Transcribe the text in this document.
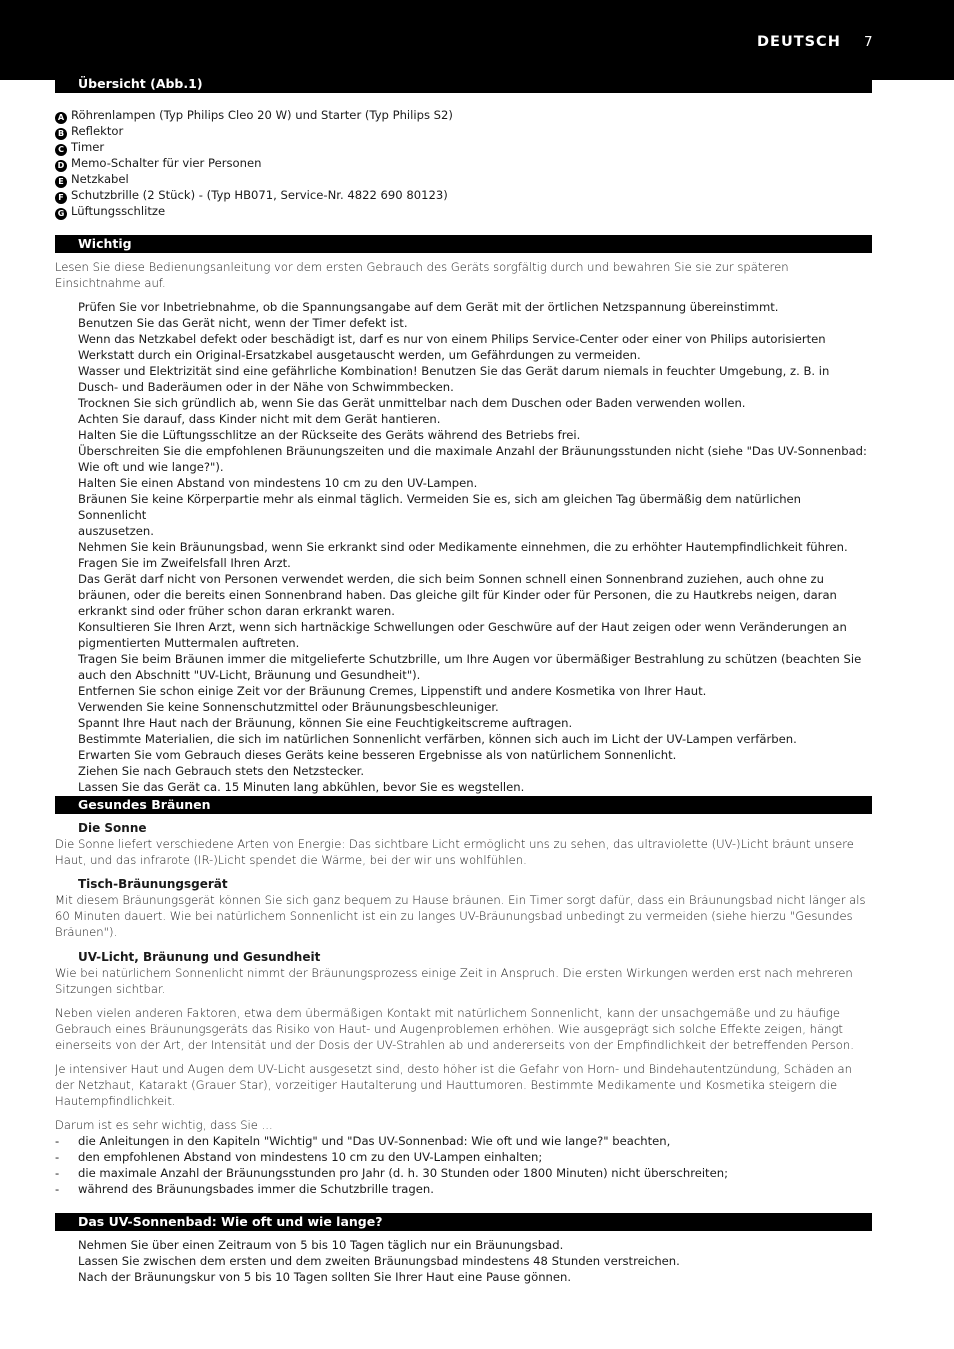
DEUTSCH 7
Übersicht (Abb.1)
A Röhrenlampen (Typ Philips Cleo 20 W) und Starter (Typ Philips S2)
B Reflektor
C Timer
D Memo-Schalter für vier Personen
E Netzkabel
F Schutzbrille (2 Stück) - (Typ HB071, Service-Nr. 4822 690 80123)
G Lüftungsschlitze
Wichtig
Lesen Sie diese Bedienungsanleitung vor dem ersten Gebrauch des Geräts sorgfältig durch und bewahren Sie sie zur späteren Einsichtnahme auf.
Prüfen Sie vor Inbetriebnahme, ob die Spannungsangabe auf dem Gerät mit der örtlichen Netzspannung übereinstimmt.
Benutzen Sie das Gerät nicht, wenn der Timer defekt ist.
Wenn das Netzkabel defekt oder beschädigt ist, darf es nur von einem Philips Service-Center oder einer von Philips autorisierten
Werkstatt durch ein Original-Ersatzkabel ausgetauscht werden, um Gefährdungen zu vermeiden.
Wasser und Elektrizität sind eine gefährliche Kombination! Benutzen Sie das Gerät darum niemals in feuchter Umgebung, z. B. in
Dusch- und Baderäumen oder in der Nähe von Schwimmbecken.
Trocknen Sie sich gründlich ab, wenn Sie das Gerät unmittelbar nach dem Duschen oder Baden verwenden wollen.
Achten Sie darauf, dass Kinder nicht mit dem Gerät hantieren.
Halten Sie die Lüftungsschlitze an der Rückseite des Geräts während des Betriebs frei.
Überschreiten Sie die empfohlenen Bräunungszeiten und die maximale Anzahl der Bräunungsstunden nicht (siehe "Das UV-Sonnenbad:
Wie oft und wie lange?").
Halten Sie einen Abstand von mindestens 10 cm zu den UV-Lampen.
Bräunen Sie keine Körperpartie mehr als einmal täglich. Vermeiden Sie es, sich am gleichen Tag übermäßig dem natürlichen Sonnenlicht
auszusetzen.
Nehmen Sie kein Bräunungsbad, wenn Sie erkrankt sind oder Medikamente einnehmen, die zu erhöhter Hautempfindlichkeit führen.
Fragen Sie im Zweifelsfall Ihren Arzt.
Das Gerät darf nicht von Personen verwendet werden, die sich beim Sonnen schnell einen Sonnenbrand zuziehen, auch ohne zu
bräunen, oder die bereits einen Sonnenbrand haben. Das gleiche gilt für Kinder oder für Personen, die zu Hautkrebs neigen, daran
erkrankt sind oder früher schon daran erkrankt waren.
Konsultieren Sie Ihren Arzt, wenn sich hartnäckige Schwellungen oder Geschwüre auf der Haut zeigen oder wenn Veränderungen an
pigmentierten Muttermalen auftreten.
Tragen Sie beim Bräunen immer die mitgelieferte Schutzbrille, um Ihre Augen vor übermäßiger Bestrahlung zu schützen (beachten Sie
auch den Abschnitt "UV-Licht, Bräunung und Gesundheit").
Entfernen Sie schon einige Zeit vor der Bräunung Cremes, Lippenstift und andere Kosmetika von Ihrer Haut.
Verwenden Sie keine Sonnenschutzmittel oder Bräunungsbeschleuniger.
Spannt Ihre Haut nach der Bräunung, können Sie eine Feuchtigkeitscreme auftragen.
Bestimmte Materialien, die sich im natürlichen Sonnenlicht verfärben, können sich auch im Licht der UV-Lampen verfärben.
Erwarten Sie vom Gebrauch dieses Geräts keine besseren Ergebnisse als von natürlichem Sonnenlicht.
Ziehen Sie nach Gebrauch stets den Netzstecker.
Lassen Sie das Gerät ca. 15 Minuten lang abkühlen, bevor Sie es wegstellen.
Gesundes Bräunen
Die Sonne
Die Sonne liefert verschiedene Arten von Energie: Das sichtbare Licht ermöglicht uns zu sehen, das ultraviolette (UV-)Licht bräunt unsere Haut, und das infrarote (IR-)Licht spendet die Wärme, bei der wir uns wohlfühlen.
Tisch-Bräunungsgerät
Mit diesem Bräunungsgerät können Sie sich ganz bequem zu Hause bräunen. Ein Timer sorgt dafür, dass ein Bräunungsbad nicht länger als 60 Minuten dauert. Wie bei natürlichem Sonnenlicht ist ein zu langes UV-Bräunungsbad unbedingt zu vermeiden (siehe hierzu "Gesundes Bräunen").
UV-Licht, Bräunung und Gesundheit
Wie bei natürlichem Sonnenlicht nimmt der Bräunungsprozess einige Zeit in Anspruch. Die ersten Wirkungen werden erst nach mehreren Sitzungen sichtbar.
Neben vielen anderen Faktoren, etwa dem übermäßigen Kontakt mit natürlichem Sonnenlicht, kann der unsachgemäße und zu häufige Gebrauch eines Bräunungsgeräts das Risiko von Haut- und Augenproblemen erhöhen. Wie ausgeprägt sich solche Effekte zeigen, hängt einerseits von der Art, der Intensität und der Dosis der UV-Strahlen ab und andererseits von der Empfindlichkeit der betreffenden Person.
Je intensiver Haut und Augen dem UV-Licht ausgesetzt sind, desto höher ist die Gefahr von Horn- und Bindehautentzündung, Schäden an der Netzhaut, Katarakt (Grauer Star), vorzeitiger Hautalterung und Hauttumoren. Bestimmte Medikamente und Kosmetika steigern die Hautempfindlichkeit.
Darum ist es sehr wichtig, dass Sie ...
- die Anleitungen in den Kapiteln "Wichtig" und "Das UV-Sonnenbad: Wie oft und wie lange?" beachten,
- den empfohlenen Abstand von mindestens 10 cm zu den UV-Lampen einhalten;
- die maximale Anzahl der Bräunungsstunden pro Jahr (d. h. 30 Stunden oder 1800 Minuten) nicht überschreiten;
- während des Bräunungsbades immer die Schutzbrille tragen.
Das UV-Sonnenbad: Wie oft und wie lange?
Nehmen Sie über einen Zeitraum von 5 bis 10 Tagen täglich nur ein Bräunungsbad.
Lassen Sie zwischen dem ersten und dem zweiten Bräunungsbad mindestens 48 Stunden verstreichen.
Nach der Bräunungskur von 5 bis 10 Tagen sollten Sie Ihrer Haut eine Pause gönnen.
